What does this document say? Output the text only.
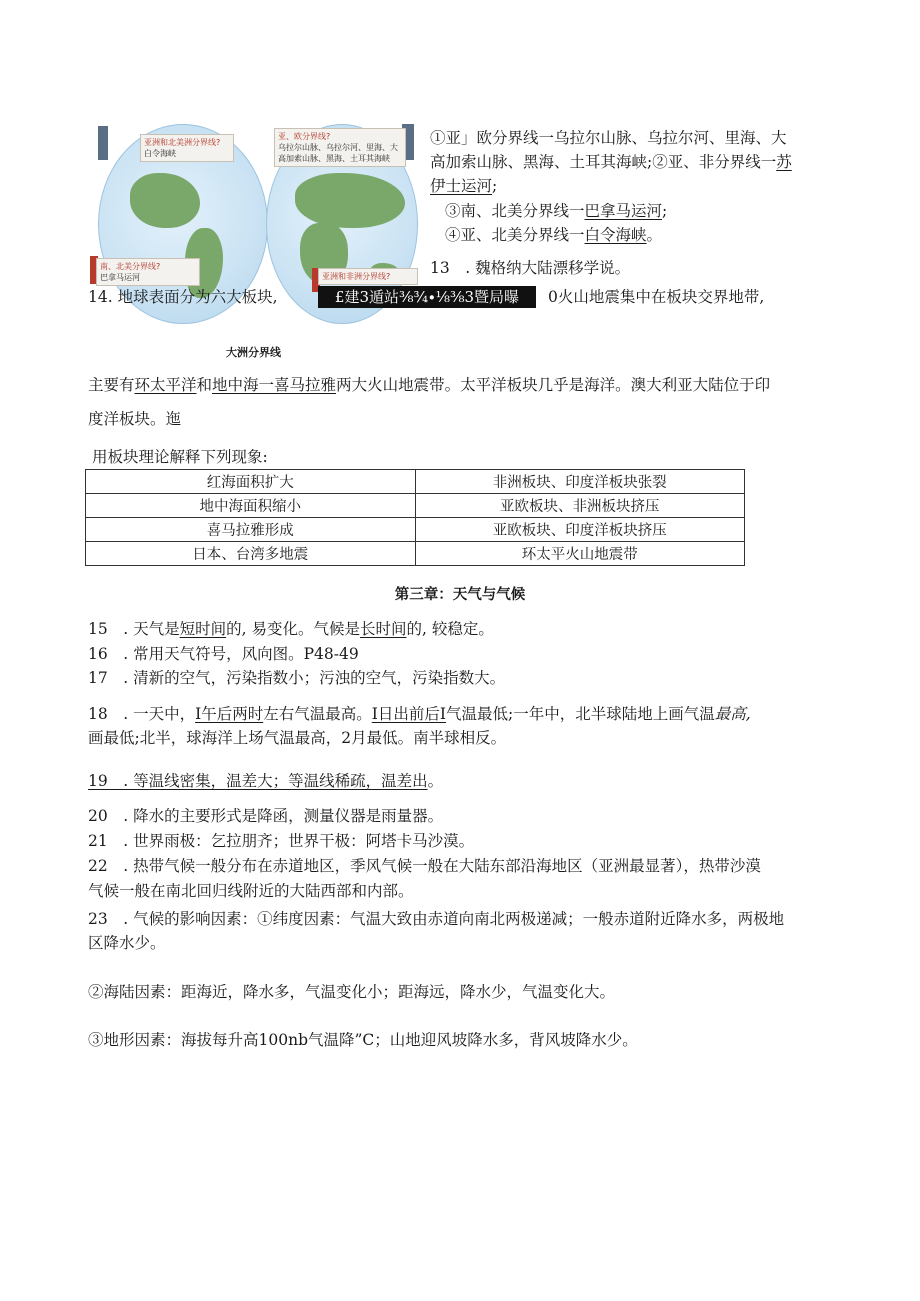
亚洲和北美洲分界线?
白令海峡
亚、欧分界线?
乌拉尔山脉、乌拉尔河、里海、大高加索山脉、黑海、土耳其海峡
南、北美分界线?
巴拿马运河	亚洲和非洲分界线?
大洲分界线
①亚」欧分界线一乌拉尔山脉、乌拉尔河、里海、大
高加索山脉、黑海、土耳其海峡;②亚、非分界线一苏
伊士运河;
③南、北美分界线一巴拿马运河;
④亚、北美分界线一白令海峡。
13　. 魏格纳大陆漂移学说。
14. 地球表面分为六大板块,	£建3遁站⅜¾∙⅛⅜3暨局曝	0火山地震集中在板块交界地带,
主要有环太平洋和地中海一喜马拉雅两大火山地震带。太平洋板块几乎是海洋。澳大利亚大陆位于印
度洋板块。迤
用板块理论解释下列现象:
红海面积扩大	非洲板块、印度洋板块张裂
地中海面积缩小	亚欧板块、非洲板块挤压
喜马拉雅形成	亚欧板块、印度洋板块挤压
日本、台湾多地震	环太平火山地震带
第三章：天气与气候
15　. 天气是短时间的, 易变化。气候是长时间的, 较稳定。
16　. 常用天气符号，风向图。P48-49
17　. 清新的空气，污染指数小；污浊的空气，污染指数大。
18　. 一天中，I午后两时左右气温最高。I日出前后I气温最低;一年中，北半球陆地上画气温最高,
画最低;北半，球海洋上场气温最高，2月最低。南半球相反。
19　. 等温线密集，温差大；等温线稀疏，温差出。
20　. 降水的主要形式是降函，测量仪器是雨量器。
21　. 世界雨极：乞拉朋齐；世界干极：阿塔卡马沙漠。
22　. 热带气候一般分布在赤道地区，季风气候一般在大陆东部沿海地区（亚洲最显著），热带沙漠
气候一般在南北回归线附近的大陆西部和内部。
23　. 气候的影响因素：①纬度因素：气温大致由赤道向南北两极递减；一般赤道附近降水多，两极地
区降水少。
②海陆因素：距海近，降水多，气温变化小；距海远，降水少，气温变化大。
③地形因素：海拔每升高100nb气温降”C；山地迎风坡降水多，背风坡降水少。
